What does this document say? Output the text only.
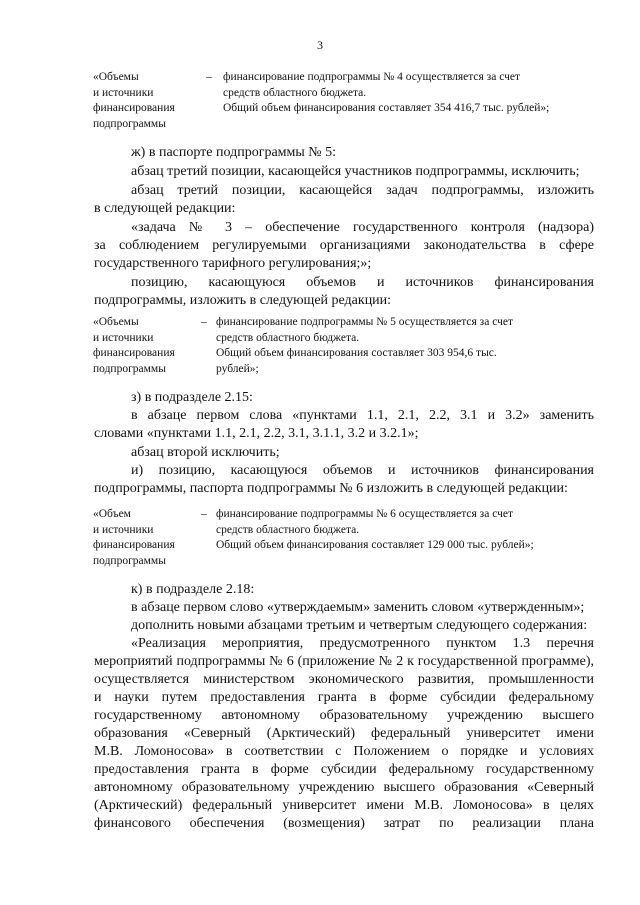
3
«Объемы
и источники
финансирования
подпрограммы
– финансирование подпрограммы № 4 осуществляется за счет
средств областного бюджета.
Общий объем финансирования составляет 354 416,7 тыс. рублей»;
ж) в паспорте подпрограммы № 5:
абзац третий позиции, касающейся участников подпрограммы, исключить;
абзац третий позиции, касающейся задач подпрограммы, изложить
в следующей редакции:
«задача № 3 – обеспечение государственного контроля (надзора)
за соблюдением регулируемыми организациями законодательства в сфере
государственного тарифного регулирования;»;
позицию, касающуюся объемов и источников финансирования
подпрограммы, изложить в следующей редакции:
«Объемы
и источники
финансирования
подпрограммы
– финансирование подпрограммы № 5 осуществляется за счет
средств областного бюджета.
Общий объем финансирования составляет 303 954,6 тыс.
рублей»;
з) в подразделе 2.15:
в абзаце первом слова «пунктами 1.1, 2.1, 2.2, 3.1 и 3.2» заменить
словами «пунктами 1.1, 2.1, 2.2, 3.1, 3.1.1, 3.2 и 3.2.1»;
абзац второй исключить;
и) позицию, касающуюся объемов и источников финансирования
подпрограммы, паспорта подпрограммы № 6 изложить в следующей редакции:
«Объем
и источники
финансирования
подпрограммы
– финансирование подпрограммы № 6 осуществляется за счет
средств областного бюджета.
Общий объем финансирования составляет 129 000 тыс. рублей»;
к) в подразделе 2.18:
в абзаце первом слово «утверждаемым» заменить словом «утвержденным»;
дополнить новыми абзацами третьим и четвертым следующего содержания:
«Реализация мероприятия, предусмотренного пунктом 1.3 перечня
мероприятий подпрограммы № 6 (приложение № 2 к государственной программе),
осуществляется министерством экономического развития, промышленности
и науки путем предоставления гранта в форме субсидии федеральному
государственному автономному образовательному учреждению высшего
образования «Северный (Арктический) федеральный университет имени
М.В. Ломоносова» в соответствии с Положением о порядке и условиях
предоставления гранта в форме субсидии федеральному государственному
автономному образовательному учреждению высшего образования «Северный
(Арктический) федеральный университет имени М.В. Ломоносова» в целях
финансового обеспечения (возмещения) затрат по реализации плана
